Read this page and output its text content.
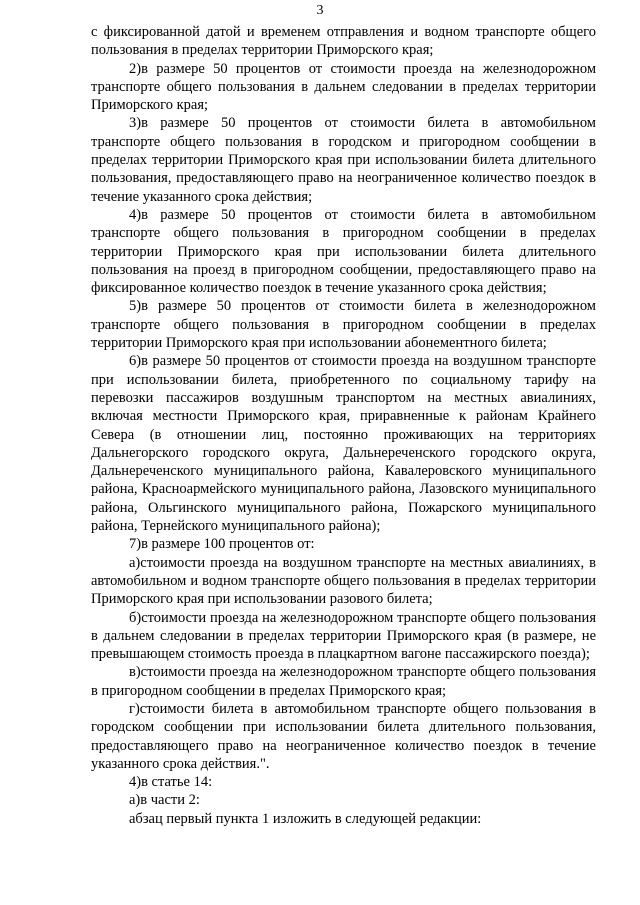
3

с фиксированной датой и временем отправления и водном транспорте общего пользования в пределах территории Приморского края;

2)в размере 50 процентов от стоимости проезда на железнодорожном транспорте общего пользования в дальнем следовании в пределах территории Приморского края;

3)в размере 50 процентов от стоимости билета в автомобильном транспорте общего пользования в городском и пригородном сообщении в пределах территории Приморского края при использовании билета длительного пользования, предоставляющего право на неограниченное количество поездок в течение указанного срока действия;

4)в размере 50 процентов от стоимости билета в автомобильном транспорте общего пользования в пригородном сообщении в пределах территории Приморского края при использовании билета длительного пользования на проезд в пригородном сообщении, предоставляющего право на фиксированное количество поездок в течение указанного срока действия;

5)в размере 50 процентов от стоимости билета в железнодорожном транспорте общего пользования в пригородном сообщении в пределах территории Приморского края при использовании абонементного билета;

6)в размере 50 процентов от стоимости проезда на воздушном транспорте при использовании билета, приобретенного по социальному тарифу на перевозки пассажиров воздушным транспортом на местных авиалиниях, включая местности Приморского края, приравненные к районам Крайнего Севера (в отношении лиц, постоянно проживающих на территориях Дальнегорского городского округа, Дальнереченского городского округа, Дальнереченского муниципального района, Кавалеровского муниципального района, Красноармейского муниципального района, Лазовского муниципального района, Ольгинского муниципального района, Пожарского муниципального района, Тернейского муниципального района);

7)в размере 100 процентов от:

а)стоимости проезда на воздушном транспорте на местных авиалиниях, в автомобильном и водном транспорте общего пользования в пределах территории Приморского края при использовании разового билета;

б)стоимости проезда на железнодорожном транспорте общего пользования в дальнем следовании в пределах территории Приморского края (в размере, не превышающем стоимость проезда в плацкартном вагоне пассажирского поезда);

в)стоимости проезда на железнодорожном транспорте общего пользования в пригородном сообщении в пределах Приморского края;

г)стоимости билета в автомобильном транспорте общего пользования в городском сообщении при использовании билета длительного пользования, предоставляющего право на неограниченное количество поездок в течение указанного срока действия.".

4)в статье 14:

а)в части 2:

абзац первый пункта 1 изложить в следующей редакции:
